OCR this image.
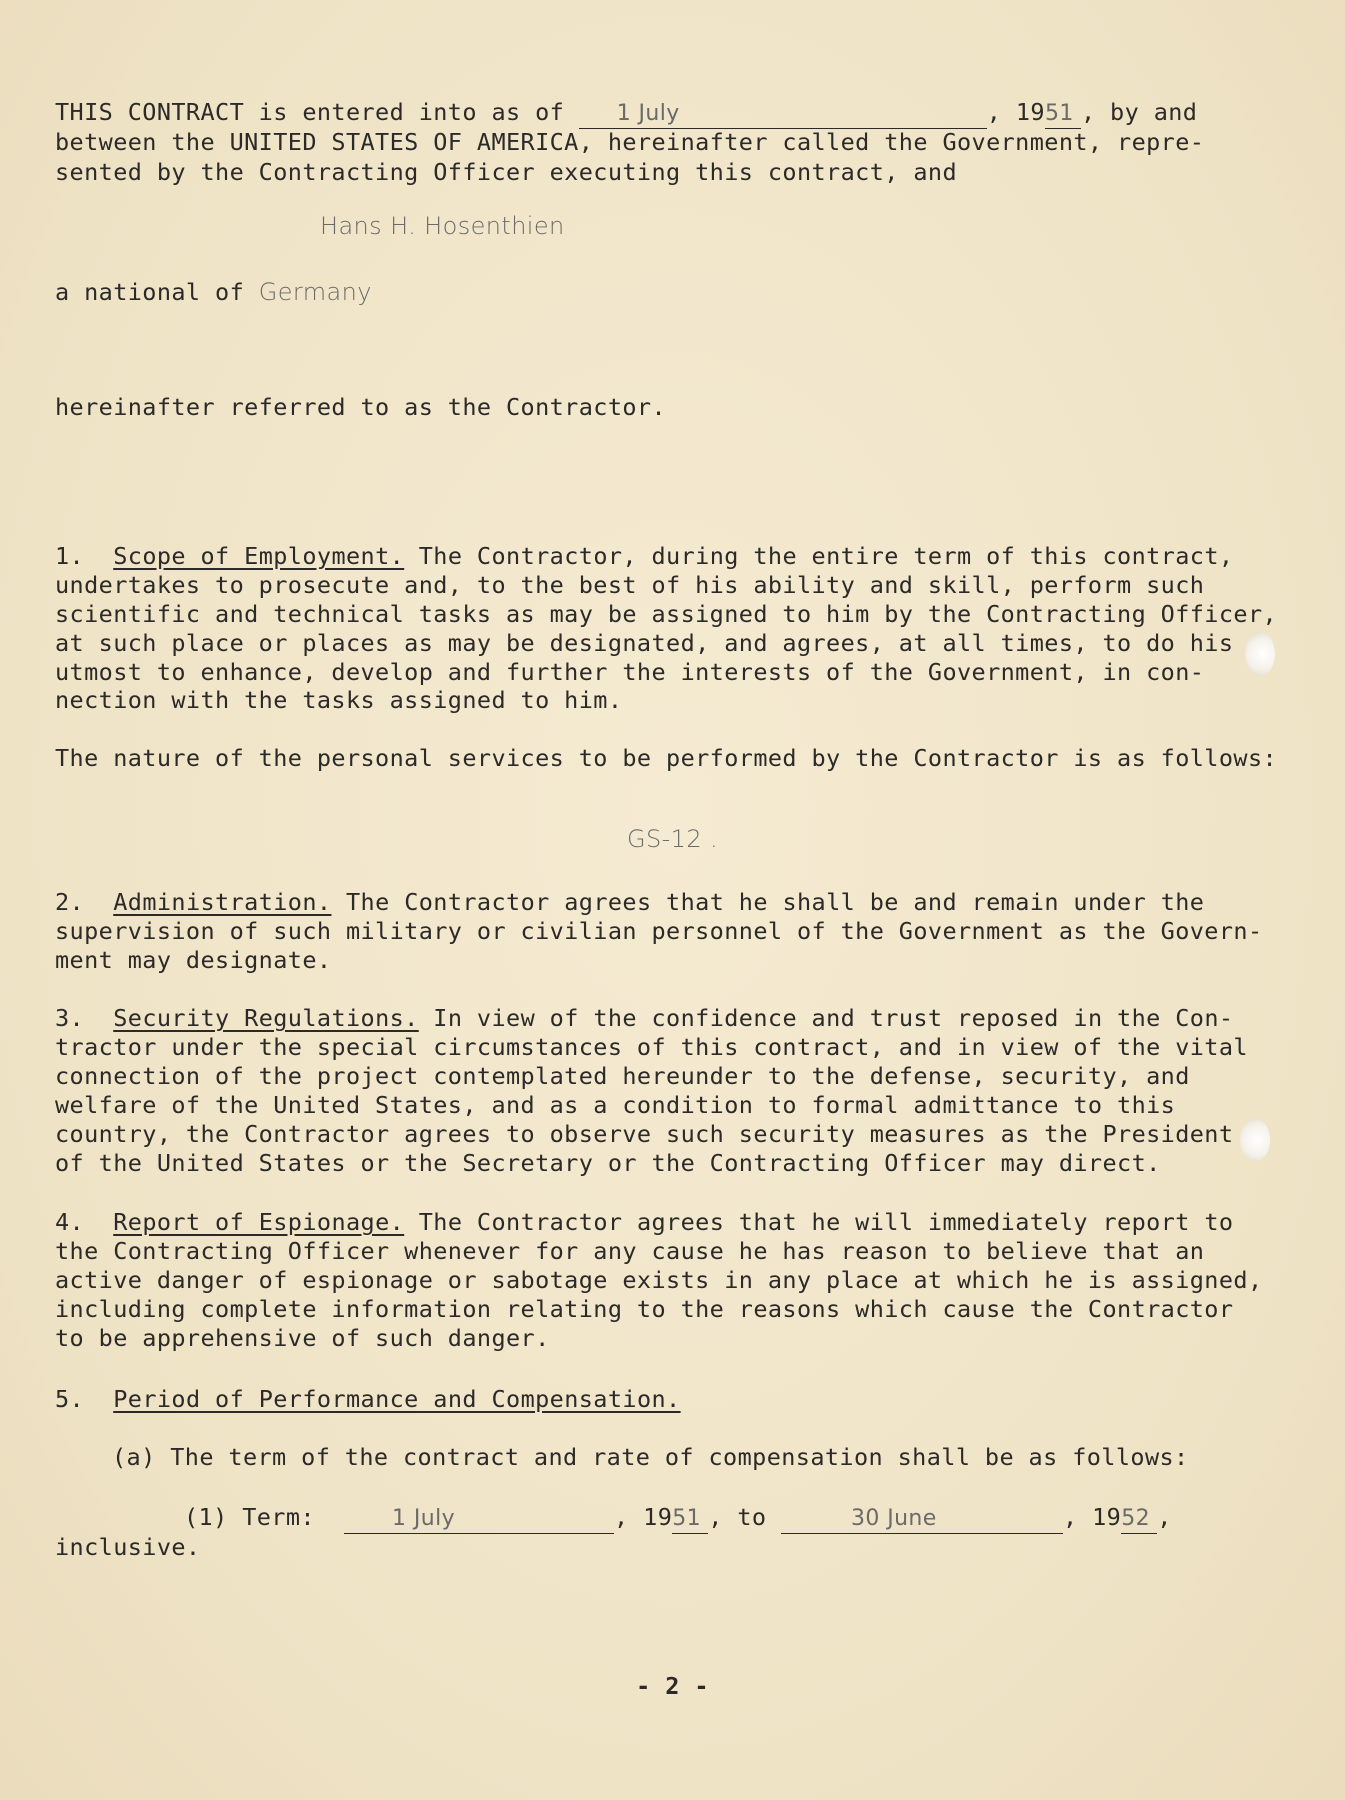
THIS CONTRACT is entered into as of 1 July	, 1951 , by and
between the UNITED STATES OF AMERICA, hereinafter called the Government, repre-
sented by the Contracting Officer executing this contract, and
Hans H. Hosenthien
a national of Germany
hereinafter referred to as the Contractor.
1. Scope of Employment. The Contractor, during the entire term of this contract,
undertakes to prosecute and, to the best of his ability and skill, perform such
scientific and technical tasks as may be assigned to him by the Contracting Officer,
at such place or places as may be designated, and agrees, at all times, to do his
utmost to enhance, develop and further the interests of the Government, in con-
nection with the tasks assigned to him.
The nature of the personal services to be performed by the Contractor is as follows:
GS-12 .
2. Administration. The Contractor agrees that he shall be and remain under the
supervision of such military or civilian personnel of the Government as the Govern-
ment may designate.
3. Security Regulations. In view of the confidence and trust reposed in the Con-
tractor under the special circumstances of this contract, and in view of the vital
connection of the project contemplated hereunder to the defense, security, and
welfare of the United States, and as a condition to formal admittance to this
country, the Contractor agrees to observe such security measures as the President
of the United States or the Secretary or the Contracting Officer may direct.
4. Report of Espionage. The Contractor agrees that he will immediately report to
the Contracting Officer whenever for any cause he has reason to believe that an
active danger of espionage or sabotage exists in any place at which he is assigned,
including complete information relating to the reasons which cause the Contractor
to be apprehensive of such danger.
5. Period of Performance and Compensation.
(a) The term of the contract and rate of compensation shall be as follows:
(1) Term:	1 July	, 1951 , to	30 June	, 1952 ,
inclusive.
- 2 -
